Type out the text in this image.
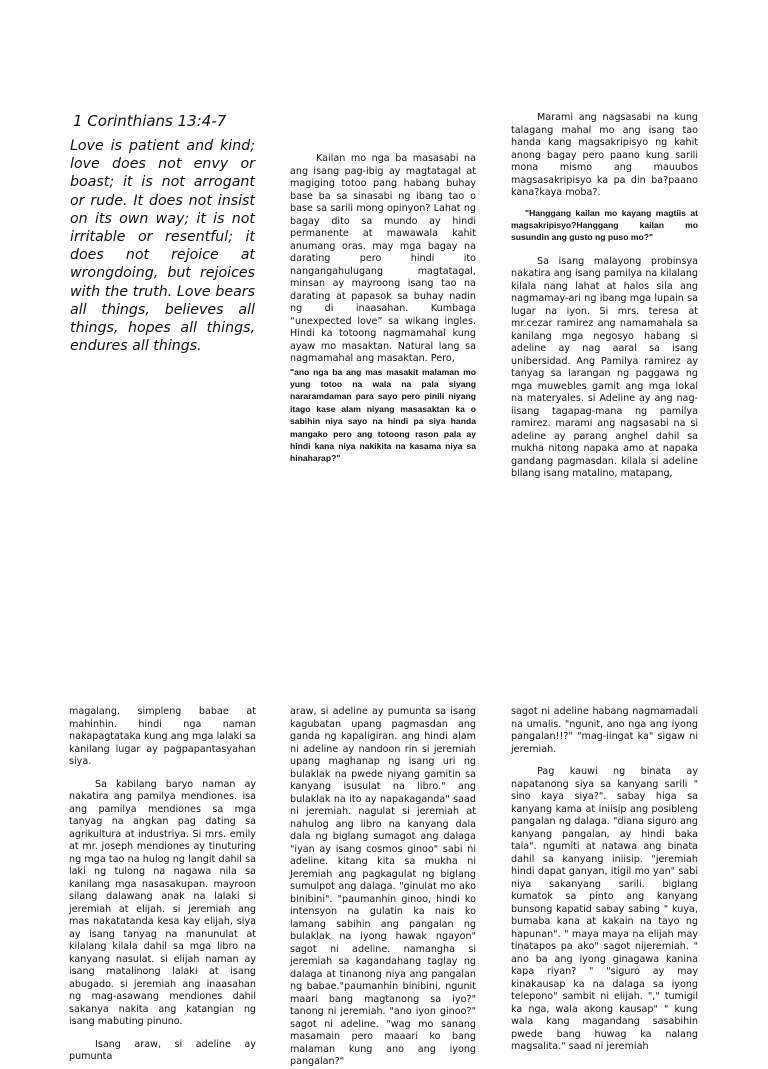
1 Corinthians 13:4-7
Love is patient and kind; love does not envy or boast; it is not arrogant or rude. It does not insist on its own way; it is not irritable or resentful; it does not rejoice at wrongdoing, but rejoices with the truth. Love bears all things, believes all things, hopes all things, endures all things.

Kailan mo nga ba masasabi na ang isang pag-ibig ay magtatagal at magiging totoo pang habang buhay base ba sa sinasabi ng ibang tao o base sa sarili mong opinyon? Lahat ng bagay dito sa mundo ay hindi permanente at mawawala kahit anumang oras. may mga bagay na darating pero hindi ito nangangahulugang magtatagal, minsan ay mayroong isang tao na darating at papasok sa buhay nadin ng di inaasahan. Kumbaga “unexpected love” sa wikang ingles. Hindi ka totoong nagmamahal kung ayaw mo masaktan. Natural lang sa nagmamahal ang masaktan. Pero,

"ano nga ba ang mas masakit malaman mo yung totoo na wala na pala siyang nararamdaman para sayo pero pinili niyang itago kase alam niyang masasaktan ka o sabihin niya sayo na hindi pa siya handa mangako pero ang totoong rason pala ay hindi kana niya nakikita na kasama niya sa hinaharap?"

Marami ang nagsasabi na kung talagang mahal mo ang isang tao handa kang magsakripisyo ng kahit anong bagay pero paano kung sarili mona mismo ang mauubos magsasakripisyo ka pa din ba?paano kana?kaya moba?.

"Hanggang kailan mo kayang magtiis at magsakripisyo?Hanggang kailan mo susundin ang gusto ng puso mo?"

Sa isang malayong probinsya nakatira ang isang pamilya na kilalang kilala nang lahat at halos sila ang nagmamay-ari ng ibang mga lupain sa lugar na iyon. Si mrs. teresa at mr.cezar ramirez ang namamahala sa kanilang mga negosyo habang si adeline ay nag aaral sa isang unibersidad. Ang Pamilya ramirez ay tanyag sa larangan ng paggawa ng mga muwebles gamit ang mga lokal na materyales. si Adeline ay ang nag-iisang tagapag-mana ng pamilya ramirez. marami ang nagsasabi na si adeline ay parang anghel dahil sa mukha nitong napaka amo at napaka gandang pagmasdan. kilala si adeline bilang isang matalino, matapang,

magalang, simpleng babae at mahinhin. hindi nga naman nakapagtataka kung ang mga lalaki sa kanilang lugar ay pagpapantasyahan siya.

Sa kabilang baryo naman ay nakatira ang pamilya mendiones. isa ang pamilya mendiones sa mga tanyag na angkan pag dating sa agrikultura at industriya. Si mrs. emily at mr. joseph mendiones ay tinuturing ng mga tao na hulog ng langit dahil sa laki ng tulong na nagawa nila sa kanilang mga nasasakupan. mayroon silang dalawang anak na lalaki si jeremiah at elijah. si jeremiah ang mas nakatatanda kesa kay elijah, siya ay isang tanyag na manunulat at kilalang kilala dahil sa mga libro na kanyang nasulat. si elijah naman ay isang matalinong lalaki at isang abugado. si jeremiah ang inaasahan ng mag-asawang mendiones dahil sakanya nakita ang katangian ng isang mabuting pinuno.

Isang araw, si adeline ay pumunta

araw, si adeline ay pumunta sa isang kagubatan upang pagmasdan ang ganda ng kapaligiran. ang hindi alam ni adeline ay nandoon rin si jeremiah upang maghanap ng isang uri ng bulaklak na pwede niyang gamitin sa kanyang isusulat na libro." ang bulaklak na ito ay napakaganda" saad ni jeremiah. nagulat si jeremiah at nahulog ang libro na kanyang dala dala ng biglang sumagot ang dalaga "iyan ay isang cosmos ginoo" sabi ni adeline. kitang kita sa mukha ni Jeremiah ang pagkagulat ng biglang sumulpot ang dalaga. "ginulat mo ako binibini". "paumanhin ginoo, hindi ko intensyon na gulatin ka nais ko lamang sabihin ang pangalan ng bulaklak na iyong hawak ngayon" sagot ni adeline. namangha si jeremiah sa kagandahang taglay ng dalaga at tinanong niya ang pangalan ng babae."paumanhin binibini, ngunit maari bang magtanong sa iyo?" tanong ni jeremiah. "ano iyon ginoo?" sagot ni adeline. "wag mo sanang masamain pero maaari ko bang malaman kung ano ang iyong pangalan?"

sagot ni adeline habang nagmamadali na umalis. "ngunit, ano nga ang iyong pangalan!!?" "mag-iingat ka" sigaw ni jeremiah.

Pag kauwi ng binata ay napatanong siya sa kanyang sarili " sino kaya siya?". sabay higa sa kanyang kama at iniisip ang posibleng pangalan ng dalaga. "diana siguro ang kanyang pangalan, ay hindi baka tala". ngumiti at natawa ang binata dahil sa kanyang iniisip. "jeremiah hindi dapat ganyan, itigil mo yan" sabi niya sakanyang sarili. biglang kumatok sa pinto ang kanyang bunsong kapatid sabay sabing " kuya, bumaba kana at kakain na tayo ng hapunan". " maya maya na elijah may tinatapos pa ako" sagot nijeremiah. " ano ba ang iyong ginagawa kanina kapa riyan? " "siguro ay may kinakausap ka na dalaga sa iyong telepono" sambit ni elijah. "," tumigil ka nga, wala akong kausap" " kung wala kang magandang sasabihin pwede bang huwag ka nalang magsalita." saad ni jeremiah
